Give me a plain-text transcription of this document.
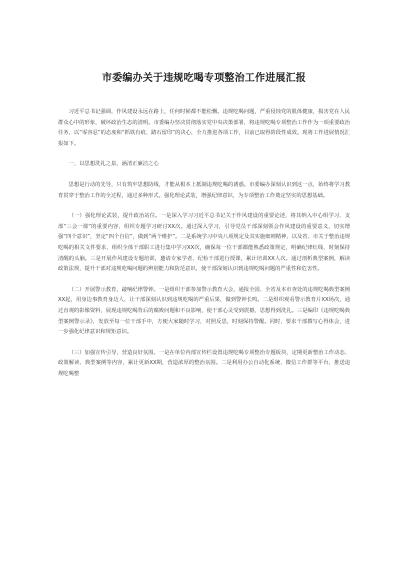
市委编办关于违规吃喝专项整治工作进展汇报

习近平总书记强调，作风建设永远在路上，任何时候都不能松懈。违规吃喝问题，严重侵蚀党的肌体健康，损害党在人民群众心中的形象，破坏政治生态的清明。市委编办坚决贯彻落实党中央决策部署，将违规吃喝专项整治工作作为一项重要政治任务，以“零容忍”的态度和“抓铁有痕、踏石留印”的决心，全力推进各项工作，目前已取得阶段性成效。现将工作进展情况汇报如下。

一、以思想洗礼之泉，涵清正廉洁之心

思想是行动的先导，只有筑牢思想防线，才能从根本上抵制违规吃喝的诱惑。市委编办深刻认识到这一点，始终将学习教育贯穿于整治工作的全过程，通过多种形式，强化理论武装，增强纪律意识，为专项整治工作奠定坚实的思想基础。

（一）强化理论武装，提升政治站位。一是深入学习习近平总书记关于作风建设的重要论述，将其纳入中心组学习、支部“三会一课”的重要内容，组织专题学习研讨XX次。通过深入学习，引导党员干部深刻领会作风建设的重要意义，切实增强“四个意识”，坚定“四个自信”，做到“两个维护”。二是系统学习中央八项规定及其实施细则精神，以及省、市关于整治违规吃喝的相关文件要求，组织全体干部职工进行集中学习XX次，确保每一位干部都能熟悉政策规定，明确纪律红线，时刻保持清醒的头脑。三是开展作风建设专题培训，邀请专家学者、纪检干部进行授课，累计培训XX人次。通过剖析典型案例，解读政策法规，提升干部对违规吃喝问题的辨别能力和防范意识，使干部深刻认识到违规吃喝问题的严重性和危害性。

（二）开展警示教育，敲响纪律警钟。一是组织干部参加警示教育大会，通报全国、全省及本市查处的违规吃喝典型案例XX起，用身边事教育身边人，让干部深刻认识到违规吃喝的严重后果，做到警钟长鸣。二是组织观看警示教育片XX场次，通过直观的影像资料，展现违规吃喝背后的腐败问题和不良影响，使干部心灵受到震撼，思想得到洗礼。三是编印《违规吃喝典型案例警示录》，发放至每一位干部手中，方便大家随时学习，对照反思，时刻保持警醒。同时，要求干部撰写心得体会，进一步强化纪律意识和规矩意识。

（三）加强宣传引导，营造良好氛围。一是在单位内部宣传栏设置违规吃喝专项整治专题板块，定期更新整治工作动态、政策解读、典型案例等内容，累计更新XX期，营造浓厚的整治氛围。二是利用办公自动化系统、微信工作群等平台，推送违规吃喝整
